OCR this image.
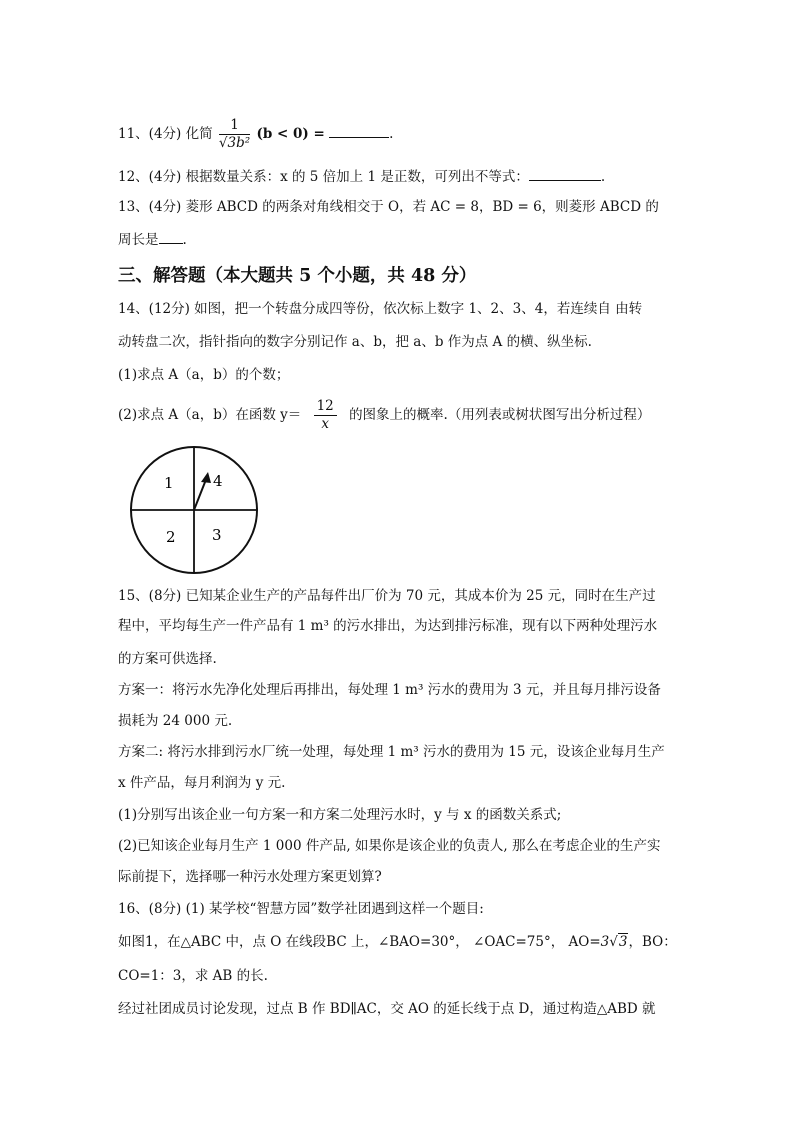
11、(4分) 化简 $\frac{1}{\text{√3b²}} (b < 0)$ =	.
12、(4分) 根据数量关系：x 的 5 倍加上 1 是正数，可列出不等式：	.
13、(4分) 菱形 ABCD 的两条对角线相交于 O，若 AC = 8，BD = 6，则菱形 ABCD 的
周长是 .
三、解答题（本大题共 5 个小题，共 48 分）
14、(12分) 如图，把一个转盘分成四等份，依次标上数字 1、2、3、4，若连续自 由转
动转盘二次，指针指向的数字分别记作 a、b，把 a、b 作为点 A 的横、纵坐标.
(1)求点 A（a，b）的个数；
(2)求点 A（a，b）在函数 $y= \frac{12}{x}$ 的图象上的概率.（用列表或树状图写出分析过程）
1	4
2 3
15、(8分) 已知某企业生产的产品每件出厂价为 70 元，其成本价为 25 元，同时在生产过
程中，平均每生产一件产品有 1 m³ 的污水排出，为达到排污标准，现有以下两种处理污水
的方案可供选择.
方案一：将污水先净化处理后再排出，每处理 1 m³ 污水的费用为 3 元，并且每月排污设备
损耗为 24 000 元.
方案二: 将污水排到污水厂统一处理，每处理 1 m³ 污水的费用为 15 元，设该企业每月生产
x 件产品，每月利润为 y 元.
(1)分别写出该企业一句方案一和方案二处理污水时，y 与 x 的函数关系式;
(2)已知该企业每月生产 1 000 件产品, 如果你是该企业的负责人, 那么在考虑企业的生产实
际前提下，选择哪一种污水处理方案更划算?
16、(8分) (1) 某学校“智慧方园”数学社团遇到这样一个题目:
如图1，在△ABC 中，点 O 在线段BC 上，∠BAO=30°， ∠OAC=75°， AO=3√3，BO：
CO=1：3，求 AB 的长.
经过社团成员讨论发现，过点 B 作 BD∥AC，交 AO 的延长线于点 D，通过构造△ABD 就
